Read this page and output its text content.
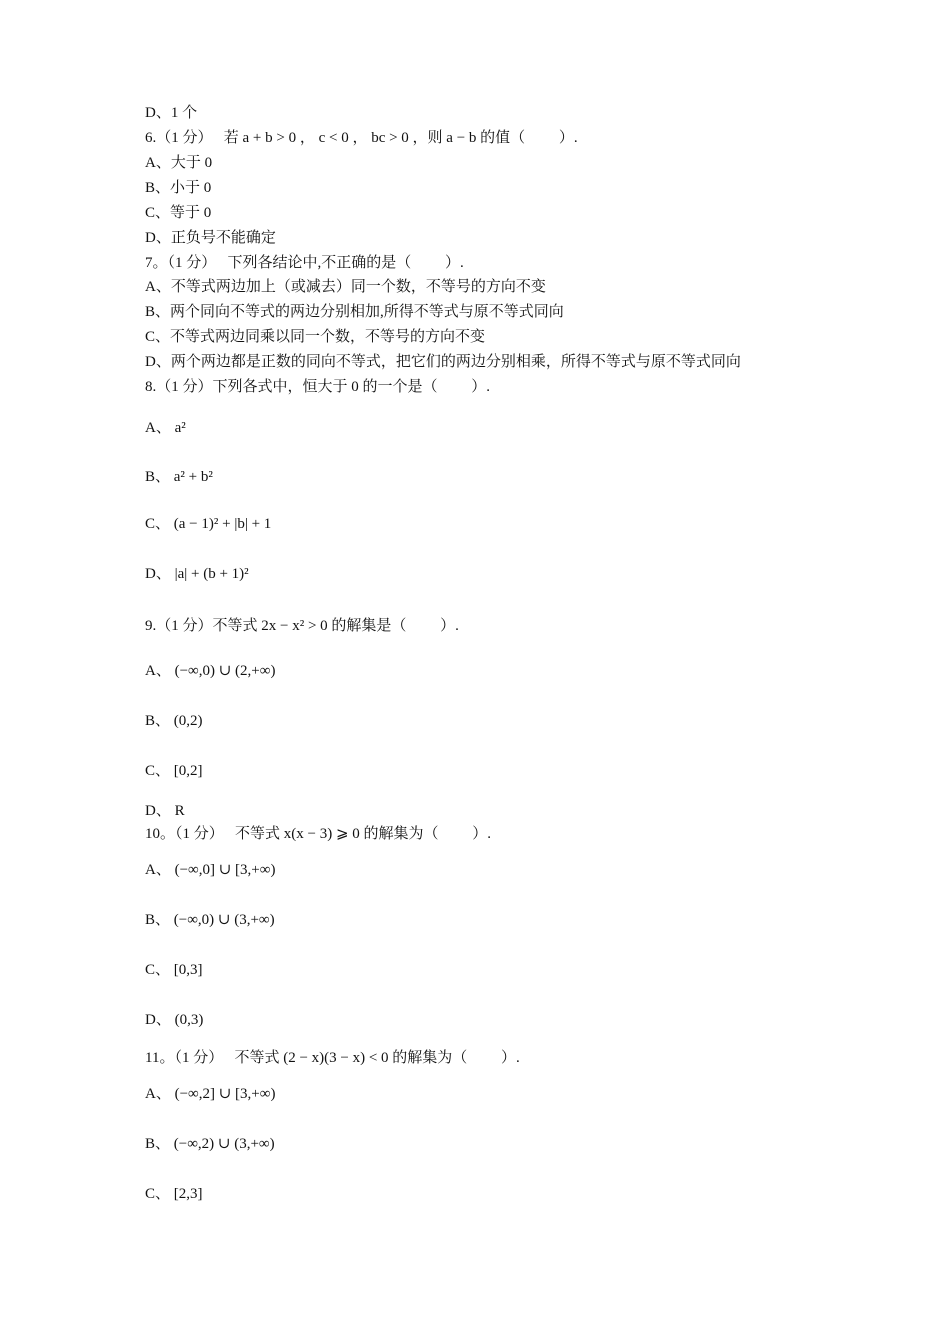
D、1 个
6.（1 分）   若 a + b > 0 ， c < 0 ， bc > 0 ，则 a − b 的值（         ）.
A、大于 0
B、小于 0
C、等于 0
D、正负号不能确定
7。（1 分）   下列各结论中,不正确的是（         ）.
A、不等式两边加上（或减去）同一个数，不等号的方向不变
B、两个同向不等式的两边分别相加,所得不等式与原不等式同向
C、不等式两边同乘以同一个数，不等号的方向不变
D、两个两边都是正数的同向不等式，把它们的两边分别相乘，所得不等式与原不等式同向
8.（1 分）下列各式中，恒大于 0 的一个是（         ）.
A、 a²
B、 a² + b²
C、 (a − 1)² + |b| + 1
D、 |a| + (b + 1)²
9.（1 分）不等式 2x − x² > 0 的解集是（         ）.
A、 (−∞,0) ∪ (2,+∞)
B、 (0,2)
C、 [0,2]
D、 R
10。（1 分）   不等式 x(x − 3) ⩾ 0 的解集为（         ）.
A、 (−∞,0] ∪ [3,+∞)
B、 (−∞,0) ∪ (3,+∞)
C、 [0,3]
D、 (0,3)
11。（1 分）   不等式 (2 − x)(3 − x) < 0 的解集为（         ）.
A、 (−∞,2] ∪ [3,+∞)
B、 (−∞,2) ∪ (3,+∞)
C、 [2,3]
